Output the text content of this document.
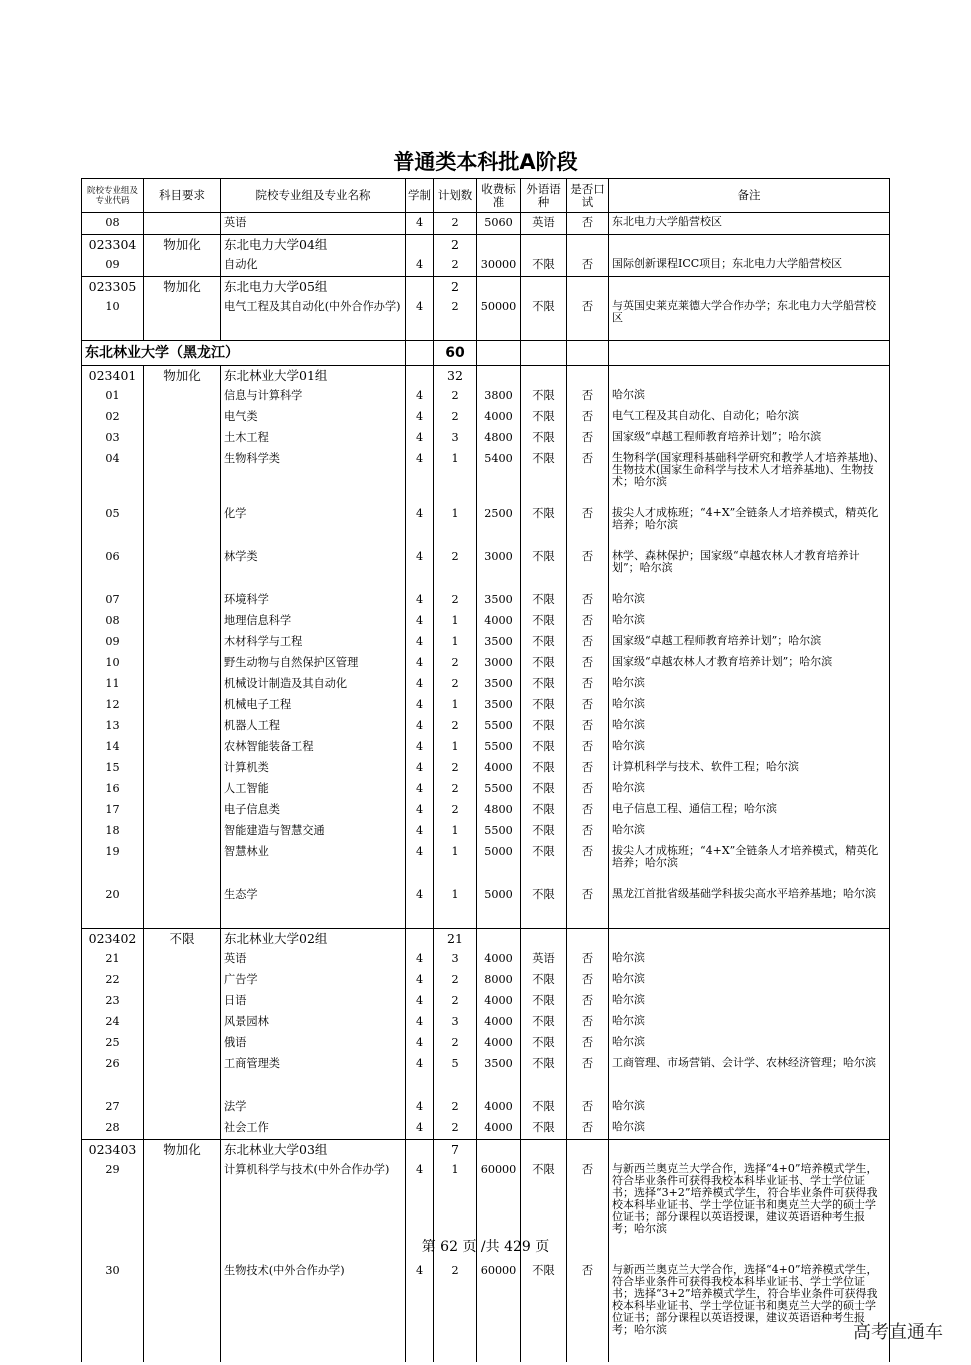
普通类本科批A阶段
院校专业组及专业代码	科目要求	院校专业组及专业名称	学制	计划数	收费标准	外语语种	是否口试	备注
08		英语	4	2	5060	英语	否	东北电力大学船营校区
023304	物加化	东北电力大学04组		2				
09		自动化	4	2	30000	不限	否	国际创新课程ICC项目；东北电力大学船营校区
023305	物加化	东北电力大学05组		2				
10		电气工程及其自动化(中外合作办学)	4	2	50000	不限	否	与英国史莱克莱德大学合作办学；东北电力大学船营校区
东北林业大学（黑龙江）				60				
023401	物加化	东北林业大学01组		32				
01		信息与计算科学	4	2	3800	不限	否	哈尔滨
02		电气类	4	2	4000	不限	否	电气工程及其自动化、自动化；哈尔滨
03		土木工程	4	3	4800	不限	否	国家级“卓越工程师教育培养计划”；哈尔滨
04		生物科学类	4	1	5400	不限	否	生物科学(国家理科基础科学研究和教学人才培养基地)、生物技术(国家生命科学与技术人才培养基地)、生物技术；哈尔滨
05		化学	4	1	2500	不限	否	拔尖人才成栋班；“4+X”全链条人才培养模式，精英化培养；哈尔滨
06		林学类	4	2	3000	不限	否	林学、森林保护；国家级“卓越农林人才教育培养计划”；哈尔滨
07		环境科学	4	2	3500	不限	否	哈尔滨
08		地理信息科学	4	1	4000	不限	否	哈尔滨
09		木材科学与工程	4	1	3500	不限	否	国家级“卓越工程师教育培养计划”；哈尔滨
10		野生动物与自然保护区管理	4	2	3000	不限	否	国家级“卓越农林人才教育培养计划”；哈尔滨
11		机械设计制造及其自动化	4	2	3500	不限	否	哈尔滨
12		机械电子工程	4	1	3500	不限	否	哈尔滨
13		机器人工程	4	2	5500	不限	否	哈尔滨
14		农林智能装备工程	4	1	5500	不限	否	哈尔滨
15		计算机类	4	2	4000	不限	否	计算机科学与技术、软件工程；哈尔滨
16		人工智能	4	2	5500	不限	否	哈尔滨
17		电子信息类	4	2	4800	不限	否	电子信息工程、通信工程；哈尔滨
18		智能建造与智慧交通	4	1	5500	不限	否	哈尔滨
19		智慧林业	4	1	5000	不限	否	拔尖人才成栋班；“4+X”全链条人才培养模式，精英化培养；哈尔滨
20		生态学	4	1	5000	不限	否	黑龙江首批省级基础学科拔尖高水平培养基地；哈尔滨
023402	不限	东北林业大学02组		21				
21		英语	4	3	4000	英语	否	哈尔滨
22		广告学	4	2	8000	不限	否	哈尔滨
23		日语	4	2	4000	不限	否	哈尔滨
24		风景园林	4	3	4000	不限	否	哈尔滨
25		俄语	4	2	4000	不限	否	哈尔滨
26		工商管理类	4	5	3500	不限	否	工商管理、市场营销、会计学、农林经济管理；哈尔滨
27		法学	4	2	4000	不限	否	哈尔滨
28		社会工作	4	2	4000	不限	否	哈尔滨
023403	物加化	东北林业大学03组		7				
29		计算机科学与技术(中外合作办学)	4	1	60000	不限	否	与新西兰奥克兰大学合作，选择“4+0”培养模式学生，符合毕业条件可获得我校本科毕业证书、学士学位证书；选择“3+2”培养模式学生，符合毕业条件可获得我校本科毕业证书、学士学位证书和奥克兰大学的硕士学位证书；部分课程以英语授课，建议英语语种考生报考；哈尔滨
30		生物技术(中外合作办学)	4	2	60000	不限	否	与新西兰奥克兰大学合作，选择“4+0”培养模式学生，符合毕业条件可获得我校本科毕业证书、学士学位证书；选择“3+2”培养模式学生，符合毕业条件可获得我校本科毕业证书、学士学位证书和奥克兰大学的硕士学位证书；部分课程以英语授课，建议英语语种考生报考；哈尔滨
第 62 页 /共 429 页
高考直通车
